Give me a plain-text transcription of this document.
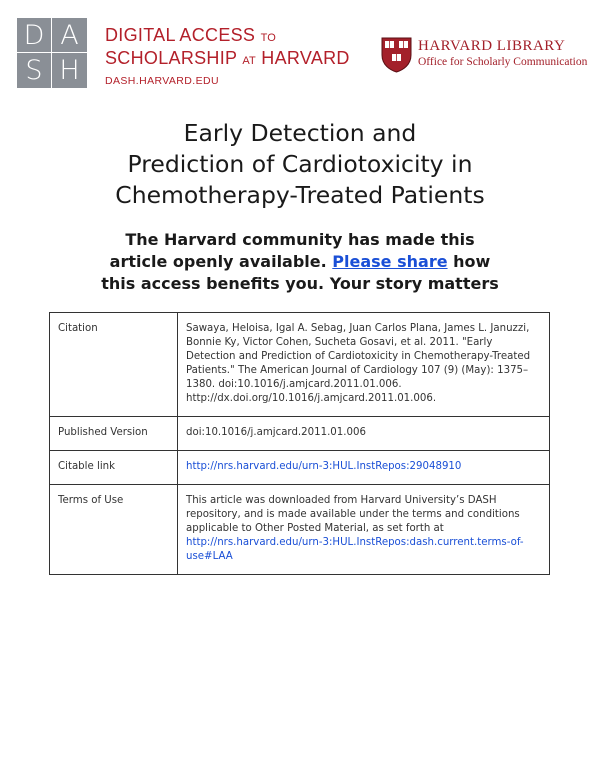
D A
S H
DIGITAL ACCESS TO
SCHOLARSHIP AT HARVARD
DASH.HARVARD.EDU
HARVARD LIBRARY
Office for Scholarly Communication
Early Detection and
Prediction of Cardiotoxicity in
Chemotherapy-Treated Patients
The Harvard community has made this
article openly available. Please share how
this access benefits you. Your story matters
Citation	Sawaya, Heloisa, Igal A. Sebag, Juan Carlos Plana, James L. Januzzi, Bonnie Ky, Victor Cohen, Sucheta Gosavi, et al. 2011. "Early Detection and Prediction of Cardiotoxicity in Chemotherapy-Treated Patients." The American Journal of Cardiology 107 (9) (May): 1375–1380. doi:10.1016/j.amjcard.2011.01.006. http://dx.doi.org/10.1016/j.amjcard.2011.01.006.
Published Version	doi:10.1016/j.amjcard.2011.01.006
Citable link	http://nrs.harvard.edu/urn-3:HUL.InstRepos:29048910
Terms of Use	This article was downloaded from Harvard University’s DASH repository, and is made available under the terms and conditions applicable to Other Posted Material, as set forth at http://nrs.harvard.edu/urn-3:HUL.InstRepos:dash.current.terms-of-use#LAA
